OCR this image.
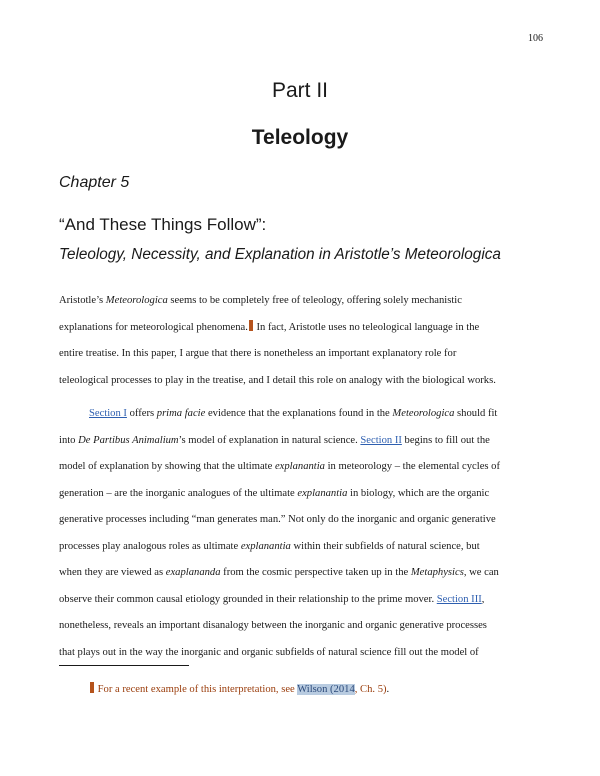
106
Part II
Teleology
Chapter 5
“And These Things Follow”:
Teleology, Necessity, and Explanation in Aristotle’s Meteorologica

Aristotle’s Meteorologica seems to be completely free of teleology, offering solely mechanistic
explanations for meteorological phenomena. In fact, Aristotle uses no teleological language in the
entire treatise. In this paper, I argue that there is nonetheless an important explanatory role for
teleological processes to play in the treatise, and I detail this role on analogy with the biological works.

Section I offers prima facie evidence that the explanations found in the Meteorologica should fit
into De Partibus Animalium’s model of explanation in natural science. Section II begins to fill out the
model of explanation by showing that the ultimate explanantia in meteorology – the elemental cycles of
generation – are the inorganic analogues of the ultimate explanantia in biology, which are the organic
generative processes including “man generates man.” Not only do the inorganic and organic generative
processes play analogous roles as ultimate explanantia within their subfields of natural science, but
when they are viewed as exaplananda from the cosmic perspective taken up in the Metaphysics, we can
observe their common causal etiology grounded in their relationship to the prime mover. Section III,
nonetheless, reveals an important disanalogy between the inorganic and organic generative processes
that plays out in the way the inorganic and organic subfields of natural science fill out the model of

For a recent example of this interpretation, see Wilson (2014, Ch. 5).
